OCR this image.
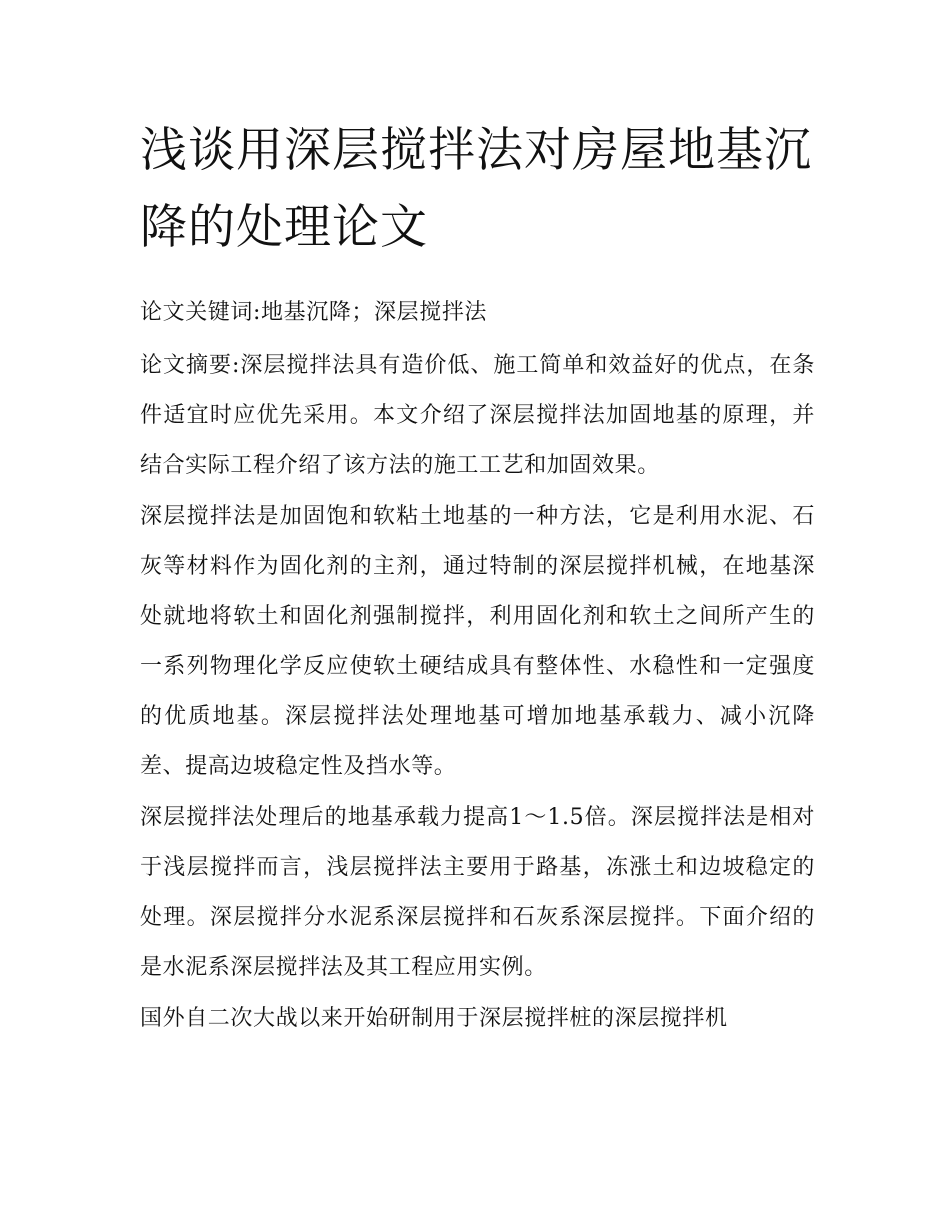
浅谈用深层搅拌法对房屋地基沉降的处理论文

论文关键词:地基沉降；深层搅拌法

论文摘要:深层搅拌法具有造价低、施工简单和效益好的优点，在条件适宜时应优先采用。本文介绍了深层搅拌法加固地基的原理，并结合实际工程介绍了该方法的施工工艺和加固效果。

深层搅拌法是加固饱和软粘土地基的一种方法，它是利用水泥、石灰等材料作为固化剂的主剂，通过特制的深层搅拌机械，在地基深处就地将软土和固化剂强制搅拌，利用固化剂和软土之间所产生的一系列物理化学反应使软土硬结成具有整体性、水稳性和一定强度的优质地基。深层搅拌法处理地基可增加地基承载力、减小沉降差、提高边坡稳定性及挡水等。

深层搅拌法处理后的地基承载力提高1～1.5倍。深层搅拌法是相对于浅层搅拌而言，浅层搅拌法主要用于路基，冻涨土和边坡稳定的处理。深层搅拌分水泥系深层搅拌和石灰系深层搅拌。下面介绍的是水泥系深层搅拌法及其工程应用实例。

国外自二次大战以来开始研制用于深层搅拌桩的深层搅拌机
